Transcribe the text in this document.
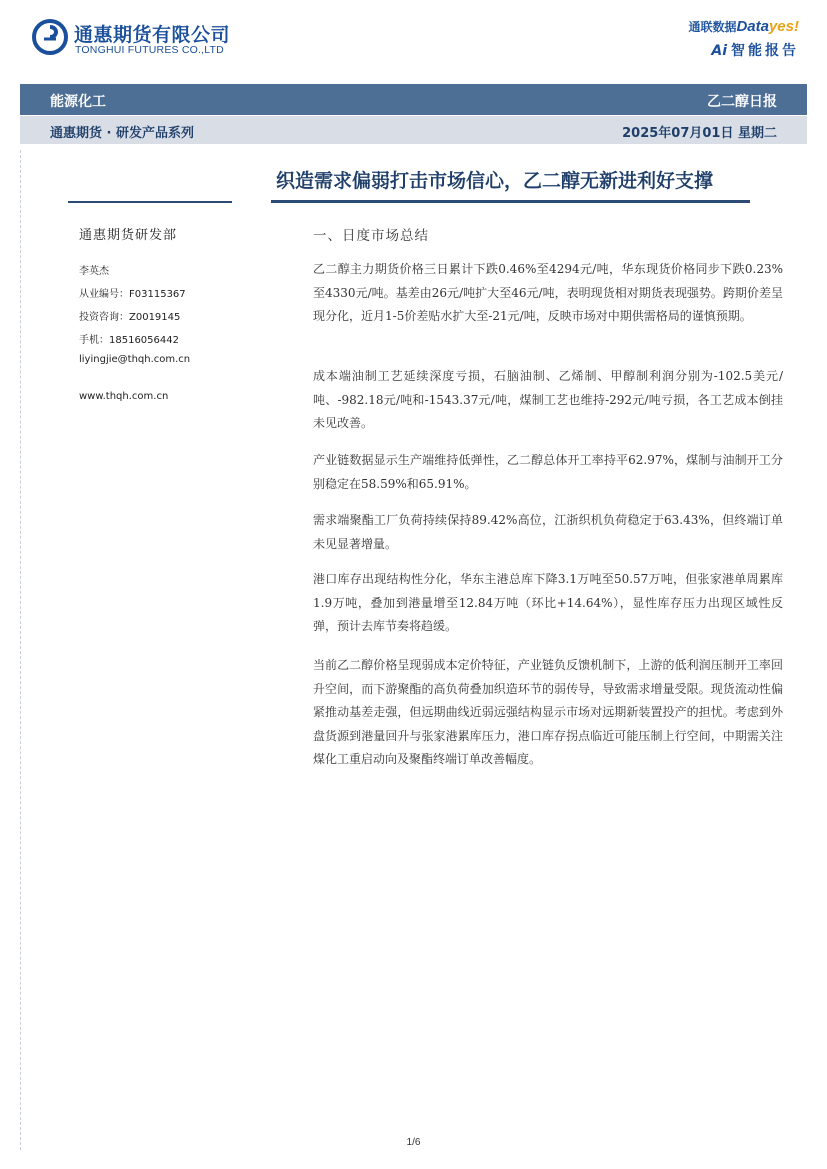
通惠期货有限公司
TONGHUI FUTURES CO.,LTD
通联数据Datayes!
Ai 智能报告
能源化工	乙二醇日报
通惠期货 · 研发产品系列	2025年07月01日 星期二
织造需求偏弱打击市场信心，乙二醇无新进利好支撑
通惠期货研发部
李英杰
从业编号：F03115367
投资咨询：Z0019145
手机：18516056442
liyingjie@thqh.com.cn
www.thqh.com.cn
一、日度市场总结

乙二醇主力期货价格三日累计下跌0.46%至4294元/吨，华东现货价格同步下跌0.23%至4330元/吨。基差由26元/吨扩大至46元/吨，表明现货相对期货表现强势。跨期价差呈现分化，近月1-5价差贴水扩大至-21元/吨，反映市场对中期供需格局的谨慎预期。

成本端油制工艺延续深度亏损，石脑油制、乙烯制、甲醇制利润分别为-102.5美元/吨、-982.18元/吨和-1543.37元/吨，煤制工艺也维持-292元/吨亏损，各工艺成本倒挂未见改善。

产业链数据显示生产端维持低弹性，乙二醇总体开工率持平62.97%，煤制与油制开工分别稳定在58.59%和65.91%。

需求端聚酯工厂负荷持续保持89.42%高位，江浙织机负荷稳定于63.43%，但终端订单未见显著增量。

港口库存出现结构性分化，华东主港总库下降3.1万吨至50.57万吨，但张家港单周累库1.9万吨，叠加到港量增至12.84万吨（环比+14.64%），显性库存压力出现区域性反弹，预计去库节奏将趋缓。

当前乙二醇价格呈现弱成本定价特征，产业链负反馈机制下，上游的低利润压制开工率回升空间，而下游聚酯的高负荷叠加织造环节的弱传导，导致需求增量受限。现货流动性偏紧推动基差走强，但远期曲线近弱远强结构显示市场对远期新装置投产的担忧。考虑到外盘货源到港量回升与张家港累库压力，港口库存拐点临近可能压制上行空间，中期需关注煤化工重启动向及聚酯终端订单改善幅度。

1/6
